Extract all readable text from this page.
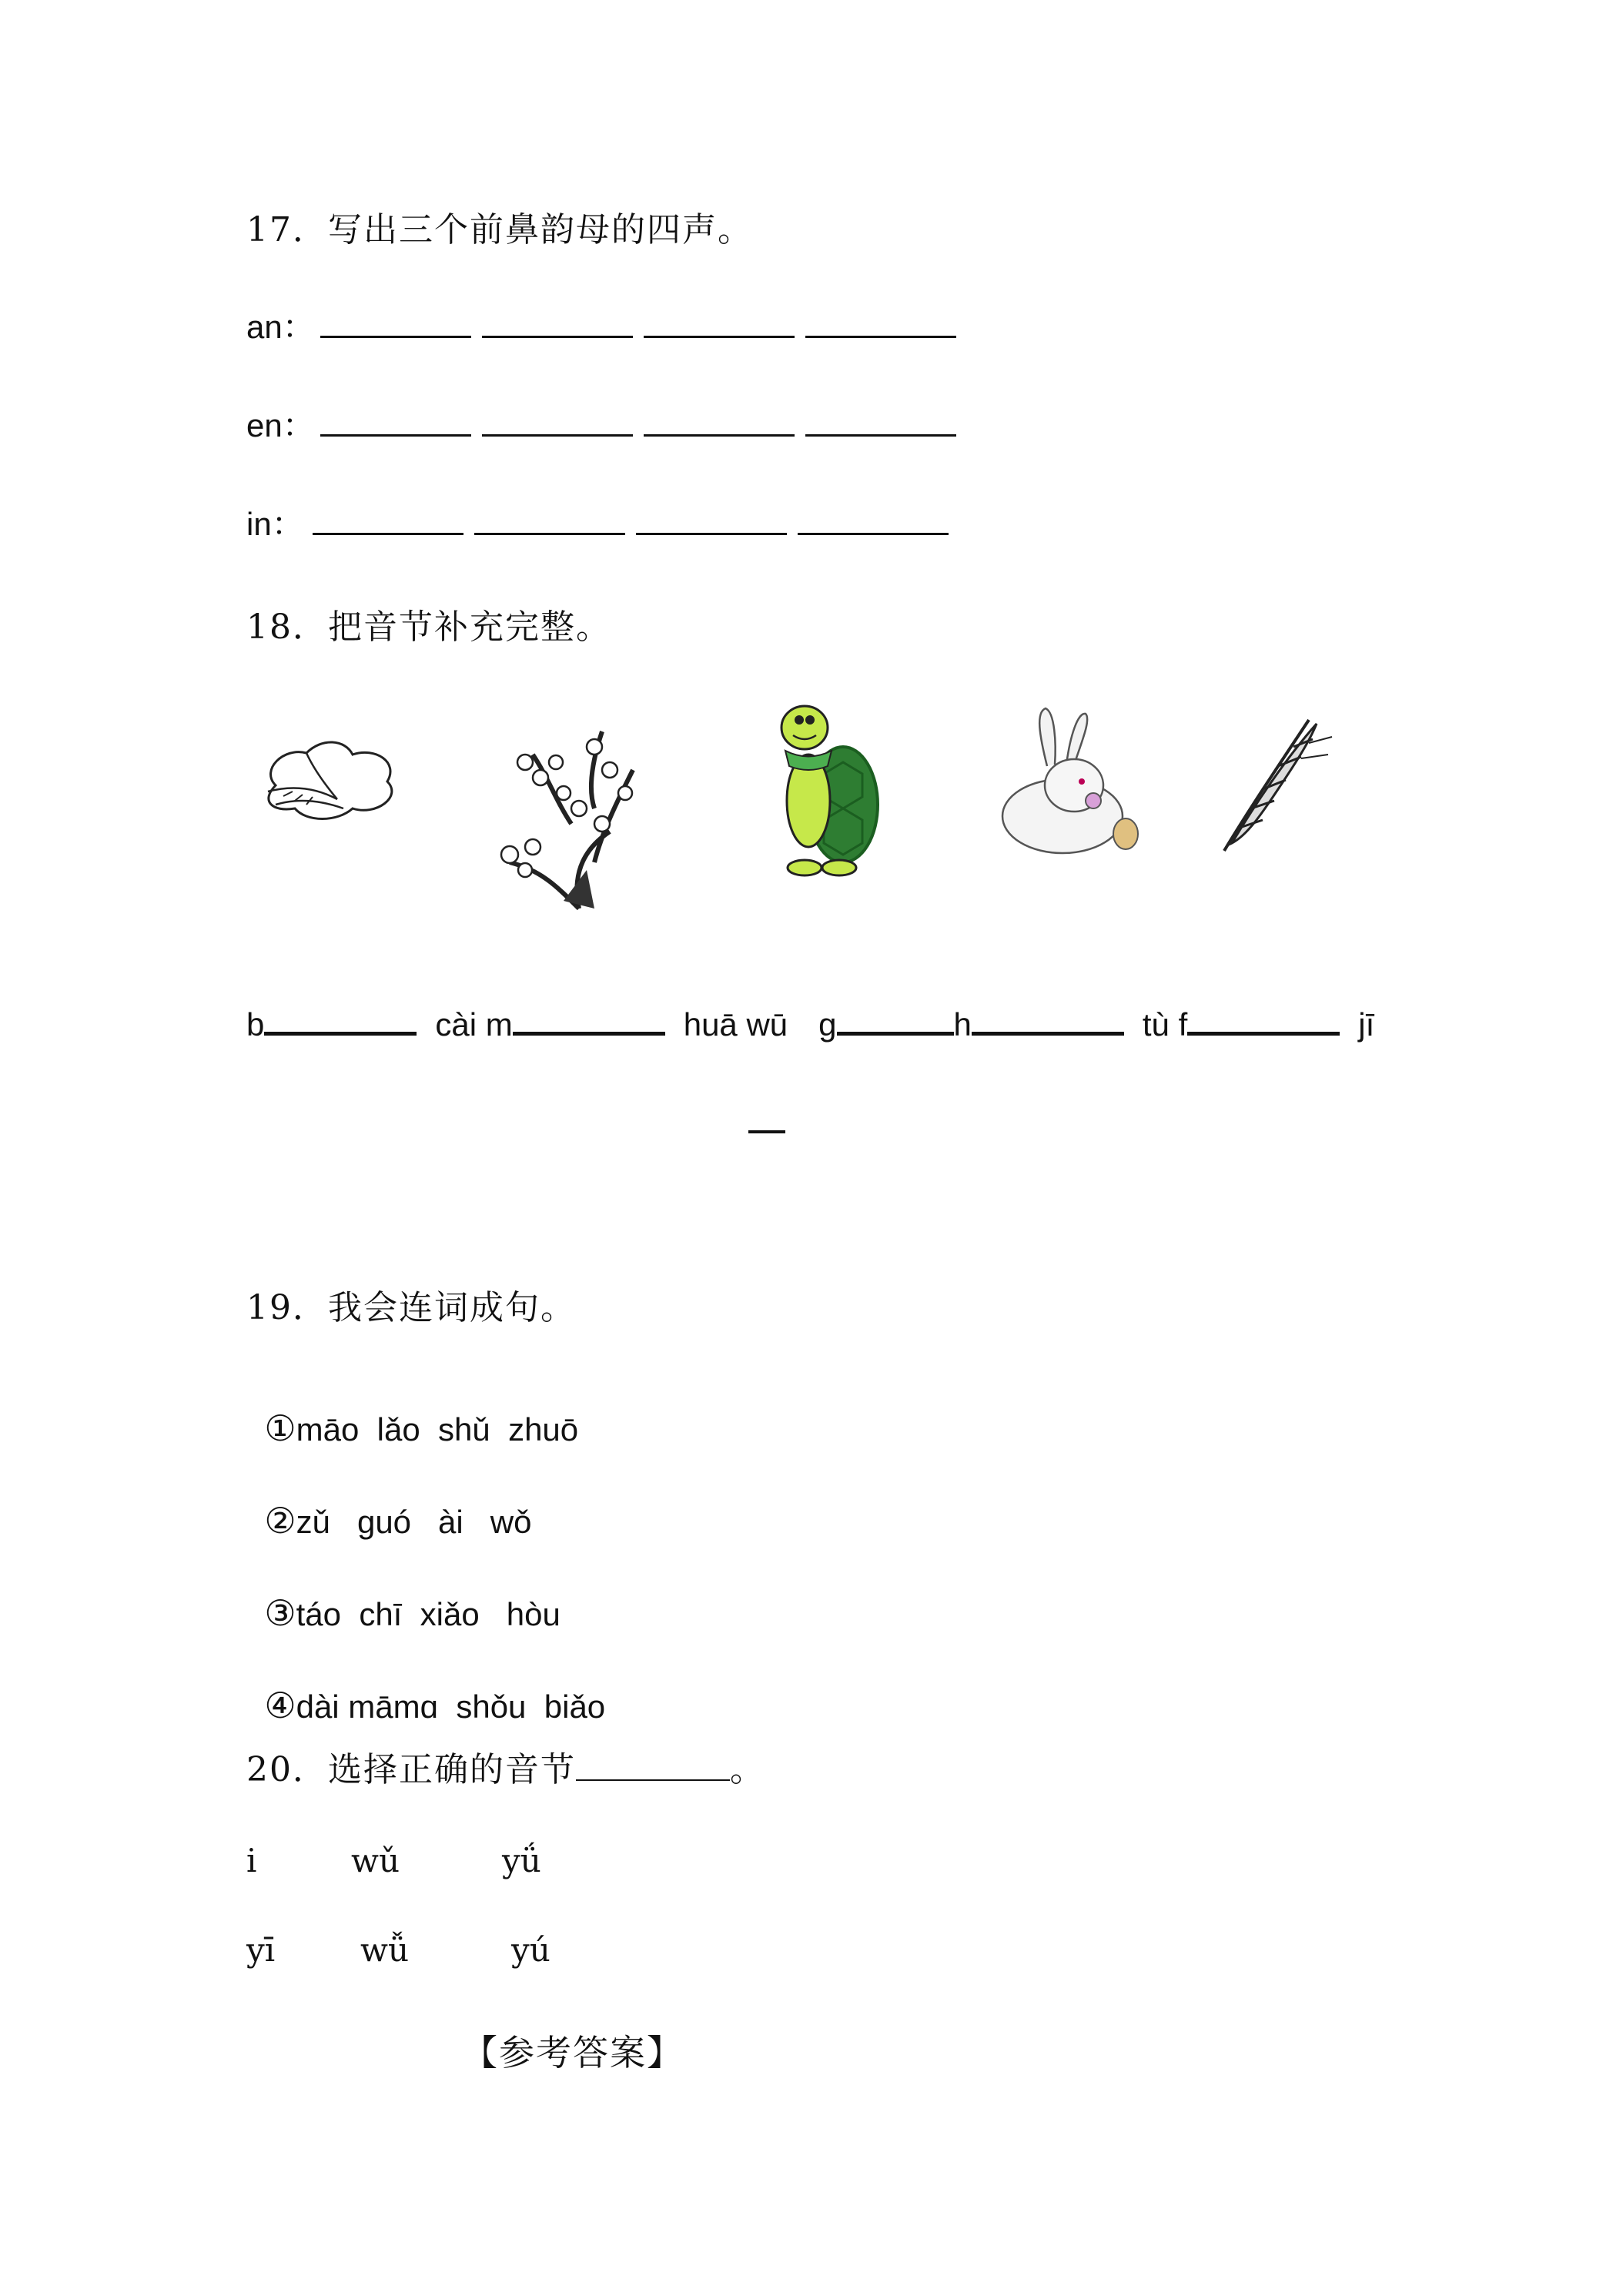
17．写出三个前鼻韵母的四声。
an：
en：
in：
18．把音节补充完整。
b	cài m	huā wū g	h	tù f	jī
19．我会连词成句。

①māo  lǎo  shǔ  zhuō

②zǔ   guó   ài   wǒ

③táo  chī  xiǎo   hòu

④dài māmɑ  shǒu  biǎo

20．选择正确的音节	。
i	wǔ	yǘ
yī	wǚ	yú
【参考答案】
